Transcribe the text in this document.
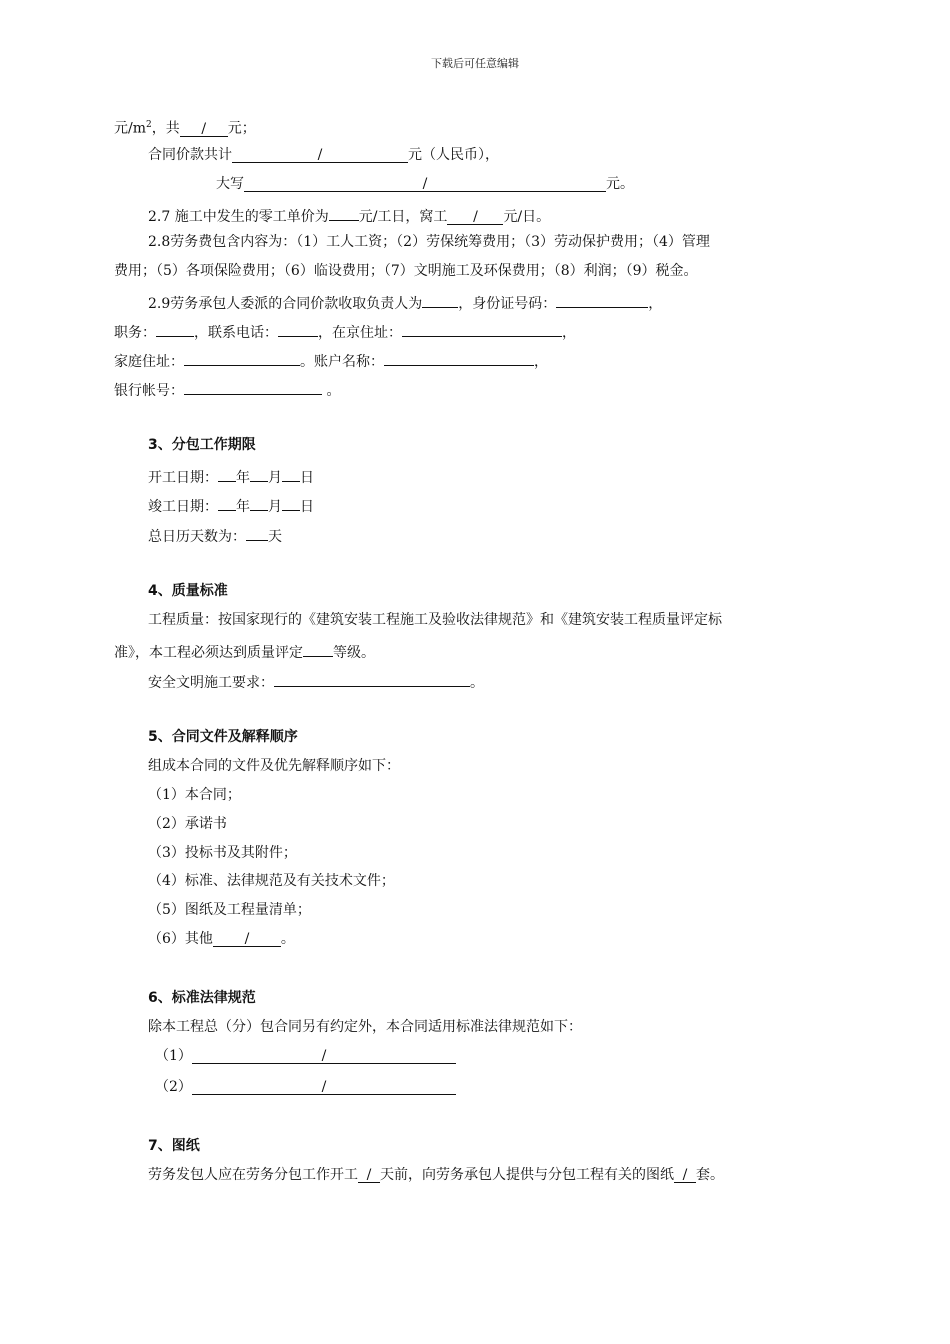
下载后可任意编辑
元$/m^2$，共 / 元；
合同价款共计	/	元（人民币），
大写	/	元。
2.7 施工中发生的零工单价为 元/工日，窝工 / 元/日。
2.8劳务费包含内容为：（1）工人工资；（2）劳保统筹费用；（3）劳动保护费用；（4）管理
费用；（5）各项保险费用；（6）临设费用；（7）文明施工及环保费用；（8）利润；（9）税金。
2.9劳务承包人委派的合同价款收取负责人为	，身份证号码：	，
职务：	，联系电话：	，在京住址：	，
家庭住址：	。账户名称：	，
银行帐号：	。
3、分包工作期限
开工日期： 年 月 日
竣工日期： 年 月 日
总日历天数为： 天
4、质量标准
工程质量：按国家现行的《建筑安装工程施工及验收法律规范》和《建筑安装工程质量评定标
准》，本工程必须达到质量评定 等级。
安全文明施工要求：	。
5、合同文件及解释顺序
组成本合同的文件及优先解释顺序如下：
（1）本合同；
（2）承诺书
（3）投标书及其附件；
（4）标准、法律规范及有关技术文件；
（5）图纸及工程量清单；
（6）其他 / 。
6、标准法律规范
除本工程总（分）包合同另有约定外，本合同适用标准法律规范如下：
（1）	/
（2）	/
7、图纸
劳务发包人应在劳务分包工作开工 / 天前，向劳务承包人提供与分包工程有关的图纸 / 套。
